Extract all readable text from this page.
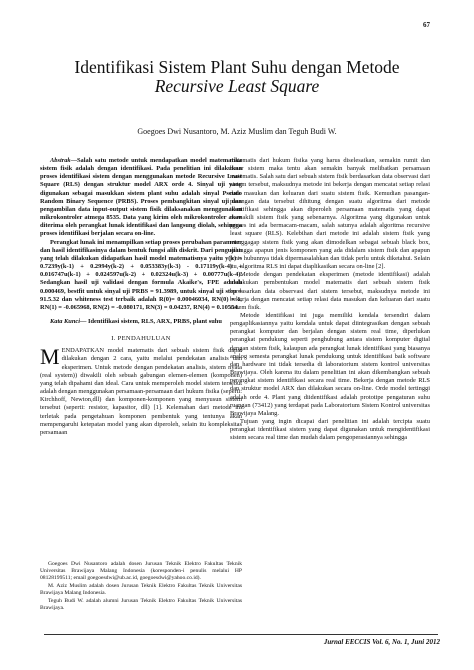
67
Identifikasi Sistem Plant Suhu dengan Metode
Recursive Least Square
Goegoes Dwi Nusantoro, M. Aziz Muslim dan Teguh Budi W.

Abstrak—Salah satu metode untuk mendapatkan model matematika sistem fisik adalah dengan identifikasi. Pada penelitian ini dilakukan proses identifikasi sistem dengan menggunakan metode Recursive Least Square (RLS) dengan struktur model ARX orde 4. Sinyal uji yang digunakan sebagai masukkan sistem plant suhu adalah sinyal Pseudo Random Binary Sequence (PRBS). Proses pembangkitan sinyal uji dan pengambilan data input-output sistem fisik dilaksanakan menggunakan mikrokontroler atmega 8535. Data yang kirim oleh mikrokontroler akan diterima oleh perangkat lunak identifikasi dan langsung diolah, sehingga proses identifikasi berjalan secara on-line.

Perangkat lunak ini menampilkan setiap proses perubahan parameter dan hasil identifikasinya dalam bentuk fungsi alih diskrit. Dari pengujian yang telah dilakukan didapatkan hasil model matematisnya yaitu y(k) = 0.7239y(k-1) + 0.2994y(k-2) + 0.053383y(k-3) - 0.17119y(k-4) + 0.016747u(k-1) + 0.024597u(k-2) + 0.02324u(k-3) + 0.00777u(k-4). Sedangkan hasil uji validasi dengan formula Akaike's, FPE adalah 0.000469, bestfit untuk sinyal uji PRBS = 91.3989, untuk sinyal uji step = 91.5.32 dan whiteness test terbaik adalah R(0)= 0.00046034, RN(0) = 1, RN(1) = -0.065968, RN(2) = -0.080171, RN(3) = 0.04237, RN(4) = 0.10554.

Kata Kunci— Identifikasi sistem, RLS, ARX, PRBS, plant suhu

I. PENDAHULUAN

MENDAPATKAN model matematis dari sebuah sistem fisik dapat dilakukan dengan 2 cara, yaitu melalui pendekatan analisis dan eksperimen. Untuk metode dengan pendekatan analisis, sistem nyata (real system)) diwakili oleh sebuah gabungan elemen-elemen (komponen) yang telah dipahami dan ideal. Cara untuk memperoleh model sistem tersebut adalah dengan menggunakan persamaan-persamaan dari hukum fisika (seperti: Kirchhoff, Newton,dll) dan komponen-komponen yang menyusun sistem tersebut (seperti: resistor, kapasitor, dll) [1]. Kelemahan dari metode ini terletak pada pengetahuan komponen pembentuk yang tentunya akan mempengaruhi ketepatan model yang akan diperoleh, selain itu kompleksitas persamaan

Goegoes Dwi Nusantoro adalah dosen Jurusan Teknik Elektro Fakultas Teknik Universitas Brawijaya Malang Indonesia (koresponden-i penulis melalui HP 08128199511; email goegoesdwi@ub.ac.id, goegoesdwi@yahoo.co.id).

M. Aziz Muslim adalah dosen Jurusan Teknik Elektro Fakultas Teknik Universitas Brawijaya Malang Indonesia.

Teguh Budi W. adalah alumni Jurusan Teknik Elektro Fakultas Teknik Universitas Brawijaya.

matematis dari hukum fisika yang harus diselesaikan, semakin rumit dan besar sistem maka tentu akan semakin banyak melibatkan persamaan matematis. Salah satu dari sebuah sistem fisik berdasarkan data observasi dari sistem tersebut, maksudnya metode ini bekerja dengan mencatat setiap relasi data masukan dan keluaran dari suatu sistem fisik. Kemudian pasangan-pasangan data tersebut dihitung dengan suatu algoritma dari metode identifikasi sehingga akan diperoleh persamaan matematis yang dapat mewakili sistem fisik yang sebenarnya. Algoritma yang digunakan untuk proses ini ada bermacam-macam, salah satunya adalah algoritma recursive least square (RLS). Kelebihan dari metode ini adalah sistem fisik yang menggagap sistem fisik yang akan dimodelkan sebagai sebuah black box, sehingga apapun jenis komponen yang ada didalam sistem fisik dan apapun jenis hubunnya tidak dipermasalahkan dan tidak perlu untuk diketahui. Selain itu, algoritma RLS ini dapat diaplikasikan secara on-line [2].

Metode dengan pendekatan eksperimen (metode identifikasi) adalah melakukan pembentukan model matematis dari sebuah sistem fisik berdasarkan data observasi dari sistem tersebut, maksudnya metode ini bekerja dengan mencatat setiap relasi data masukan dan keluaran dari suatu sistem fisik.

Metode identifikasi ini juga memiliki kendala tersendiri dalam pengaplikasiannya yaitu kendala untuk dapat diintegrasikan dengan sebuah perangkat komputer dan berjalan dengan sistem real time, diperlukan perangkat pendukung seperti penghubung antara sistem komputer digital dengan sistem fisik, kalaupun ada perangkat lunak identifikasi yang biasanya analog semesta perangkat lunak pendukung untuk identifikasi baik software dan hardware ini tidak tersedia di laboratorium sistem kontrol universitas Brawijaya. Oleh karena itu dalam penelitian ini akan dikembangkan sebuah perangkat sistem identifikasi secara real time. Bekerja dengan metode RLS dan struktur model ARX dan dilakukan secara on-line. Orde model tertinggi adalah orde 4. Plant yang diidentifikasi adalah prototipe pengaturan suhu ruangan (73412) yang terdapat pada Laboratorium Sistem Kontrol universitas Brawijaya Malang.

Tujuan yang ingin dicapai dari penelitian ini adalah tercipta suatu perangkat identifikasi sistem yang dapat digunakan untuk mengidentifikasi sistem secara real time dan mudah dalam pengoperasiannya sehingga

Jurnal EECCIS Vol. 6, No. 1, Juni 2012
